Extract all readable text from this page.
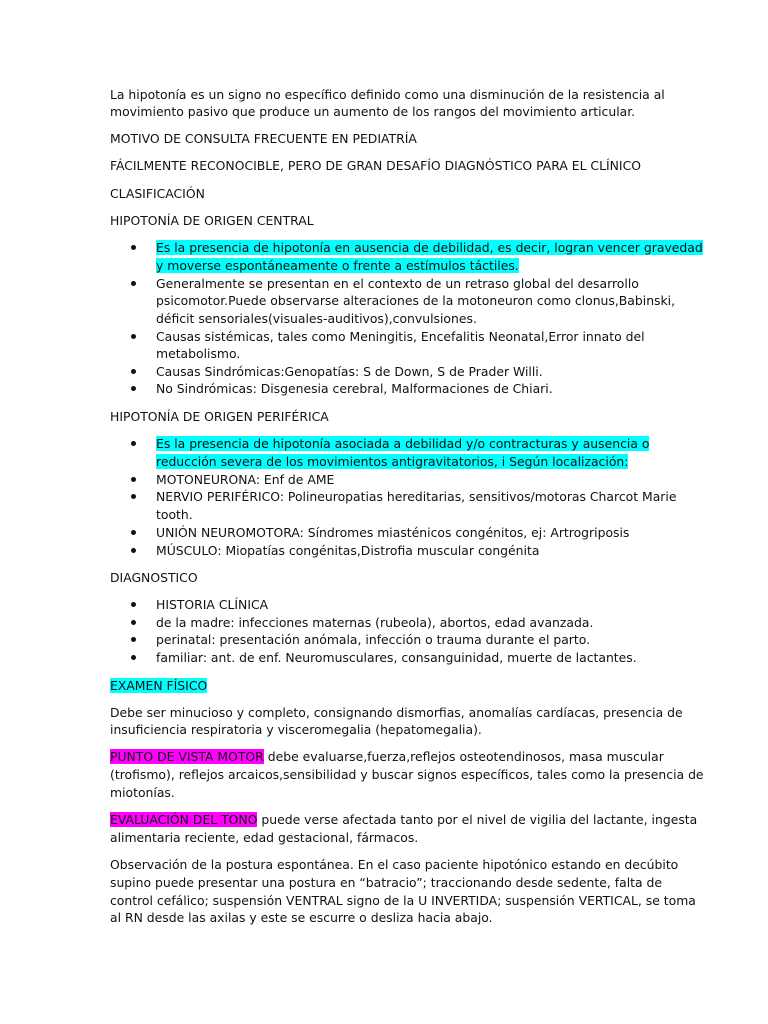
La hipotonía es un signo no específico definido como una disminución de la resistencia al
movimiento pasivo que produce un aumento de los rangos del movimiento articular.
MOTIVO DE CONSULTA FRECUENTE EN PEDIATRÍA
FÁCILMENTE RECONOCIBLE, PERO DE GRAN DESAFÍO DIAGNÓSTICO PARA EL CLÍNICO
CLASIFICACIÓN
HIPOTONÍA DE ORIGEN CENTRAL
Es la presencia de hipotonía en ausencia de debilidad, es decir, logran vencer gravedad
y moverse espontáneamente o frente a estímulos táctiles.
Generalmente se presentan en el contexto de un retraso global del desarrollo
psicomotor.Puede observarse alteraciones de la motoneuron como clonus,Babinski,
déficit sensoriales(visuales-auditivos),convulsiones.
Causas sistémicas, tales como Meningitis, Encefalitis Neonatal,Error innato del
metabolismo.
Causas Sindrómicas:Genopatías: S de Down, S de Prader Willi.
No Sindrómicas: Disgenesia cerebral, Malformaciones de Chiari.
HIPOTONÍA DE ORIGEN PERIFÉRICA
Es la presencia de hipotonía asociada a debilidad y/o contracturas y ausencia o
reducción severa de los movimientos antigravitatorios, i Según localización:
MOTONEURONA: Enf de AME
NERVIO PERIFÉRICO: Polineuropatias hereditarias, sensitivos/motoras Charcot Marie
tooth.
UNIÓN NEUROMOTORA: Síndromes miasténicos congénitos, ej: Artrogriposis
MÚSCULO: Miopatías congénitas,Distrofia muscular congénita
DIAGNOSTICO
HISTORIA CLÍNICA
de la madre: infecciones maternas (rubeola), abortos, edad avanzada.
perinatal: presentación anómala, infección o trauma durante el parto.
familiar: ant. de enf. Neuromusculares, consanguinidad, muerte de lactantes.
EXAMEN FÍSICO
Debe ser minucioso y completo, consignando dismorfias, anomalías cardíacas, presencia de
insuficiencia respiratoria y visceromegalia (hepatomegalia).
PUNTO DE VISTA MOTOR debe evaluarse,fuerza,reflejos osteotendinosos, masa muscular
(trofismo), reflejos arcaicos,sensibilidad y buscar signos específicos, tales como la presencia de
miotonías.
EVALUACIÓN DEL TONO puede verse afectada tanto por el nivel de vigilia del lactante, ingesta
alimentaria reciente, edad gestacional, fármacos.
Observación de la postura espontánea. En el caso paciente hipotónico estando en decúbito
supino puede presentar una postura en “batracio”; traccionando desde sedente, falta de
control cefálico; suspensión VENTRAL signo de la U INVERTIDA; suspensión VERTICAL, se toma
al RN desde las axilas y este se escurre o desliza hacia abajo.
